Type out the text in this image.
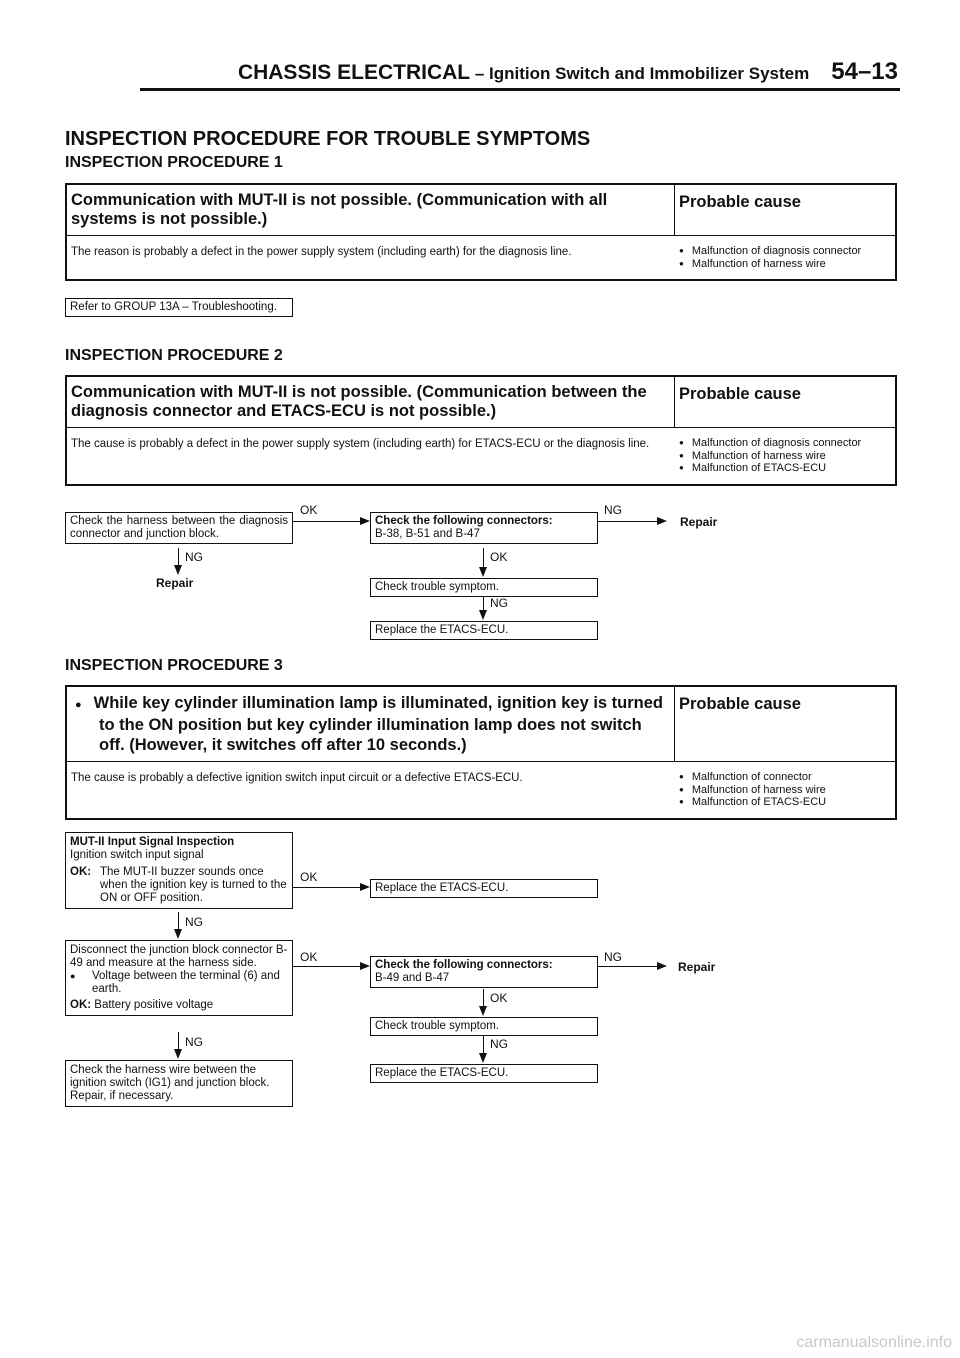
CHASSIS ELECTRICAL – Ignition Switch and Immobilizer System 54–13
INSPECTION PROCEDURE FOR TROUBLE SYMPTOMS
INSPECTION PROCEDURE 1
Communication with MUT-II is not possible. (Communication with all systems is not possible.)
Probable cause
The reason is probably a defect in the power supply system (including earth) for the diagnosis line.	● Malfunction of diagnosis connector
● Malfunction of harness wire
Refer to GROUP 13A – Troubleshooting.
INSPECTION PROCEDURE 2
Communication with MUT-II is not possible. (Communication between the diagnosis connector and ETACS-ECU is not possible.)
Probable cause
The cause is probably a defect in the power supply system (including earth) for ETACS-ECU or the diagnosis line.	● Malfunction of diagnosis connector
● Malfunction of harness wire
● Malfunction of ETACS-ECU
Check the harness between the diagnosis connector and junction block.
OK
Check the following connectors:
B-38, B-51 and B-47
NG
Repair
NG
Repair
OK
Check trouble symptom.
NG
Replace the ETACS-ECU.
INSPECTION PROCEDURE 3
● While key cylinder illumination lamp is illuminated, ignition key is turned to the ON position but key cylinder illumination lamp does not switch off. (However, it switches off after 10 seconds.)
Probable cause
The cause is probably a defective ignition switch input circuit or a defective ETACS-ECU.	● Malfunction of connector
● Malfunction of harness wire
● Malfunction of ETACS-ECU
MUT-II Input Signal Inspection
Ignition switch input signal
OK: The MUT-II buzzer sounds once when the ignition key is turned to the ON or OFF position.
OK
Replace the ETACS-ECU.
NG
Disconnect the junction block connector B-49 and measure at the harness side.
●	Voltage between the terminal (6) and earth.
OK: Battery positive voltage
OK
Check the following connectors:
B-49 and B-47
NG
Repair
OK
Check trouble symptom.
NG
Replace the ETACS-ECU.
NG
Check the harness wire between the ignition switch (IG1) and junction block. Repair, if necessary.
carmanualsonline.info
